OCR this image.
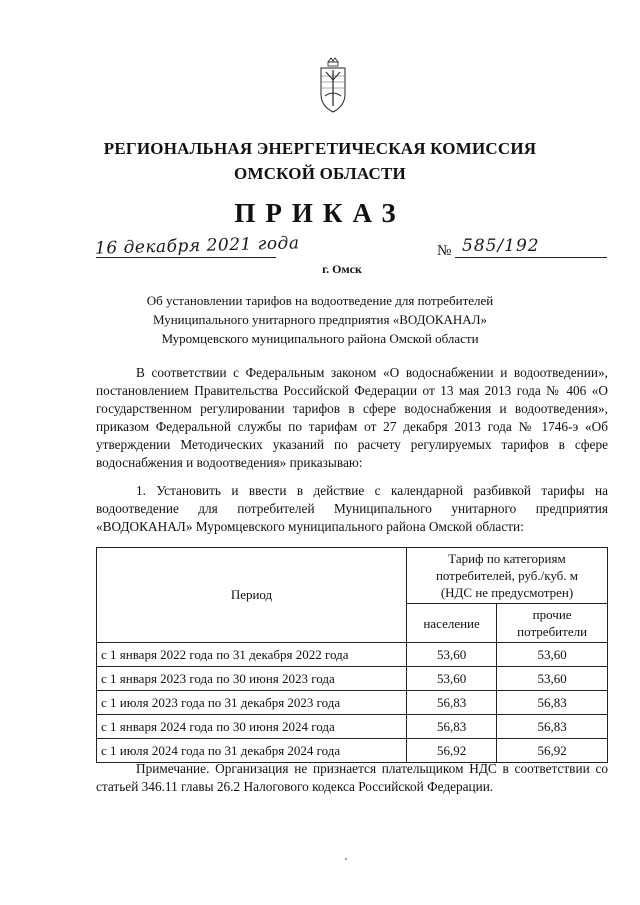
РЕГИОНАЛЬНАЯ ЭНЕРГЕТИЧЕСКАЯ КОМИССИЯ
ОМСКОЙ ОБЛАСТИ
ПРИКАЗ
16 декабря 2021 года	№ 585/192
г. Омск
Об установлении тарифов на водоотведение для потребителей
Муниципального унитарного предприятия «ВОДОКАНАЛ»
Муромцевского муниципального района Омской области
В соответствии с Федеральным законом «О водоснабжении и водоотведении», постановлением Правительства Российской Федерации от 13 мая 2013 года № 406 «О государственном регулировании тарифов в сфере водоснабжения и водоотведения», приказом Федеральной службы по тарифам от 27 декабря 2013 года № 1746-э «Об утверждении Методических указаний по расчету регулируемых тарифов в сфере водоснабжения и водоотведения» приказываю:
1. Установить и ввести в действие с календарной разбивкой тарифы на водоотведение для потребителей Муниципального унитарного предприятия «ВОДОКАНАЛ» Муромцевского муниципального района Омской области:
Период	Тариф по категориям
потребителей, руб./куб. м
(НДС не предусмотрен)	

	население	прочие
потребители

с 1 января 2022 года по 31 декабря 2022 года	53,60	53,60
с 1 января 2023 года по 30 июня 2023 года	53,60	53,60
с 1 июля 2023 года по 31 декабря 2023 года	56,83	56,83
с 1 января 2024 года по 30 июня 2024 года	56,83	56,83
с 1 июля 2024 года по 31 декабря 2024 года	56,92	56,92
Примечание. Организация не признается плательщиком НДС в соответствии со статьей 346.11 главы 26.2 Налогового кодекса Российской Федерации.
